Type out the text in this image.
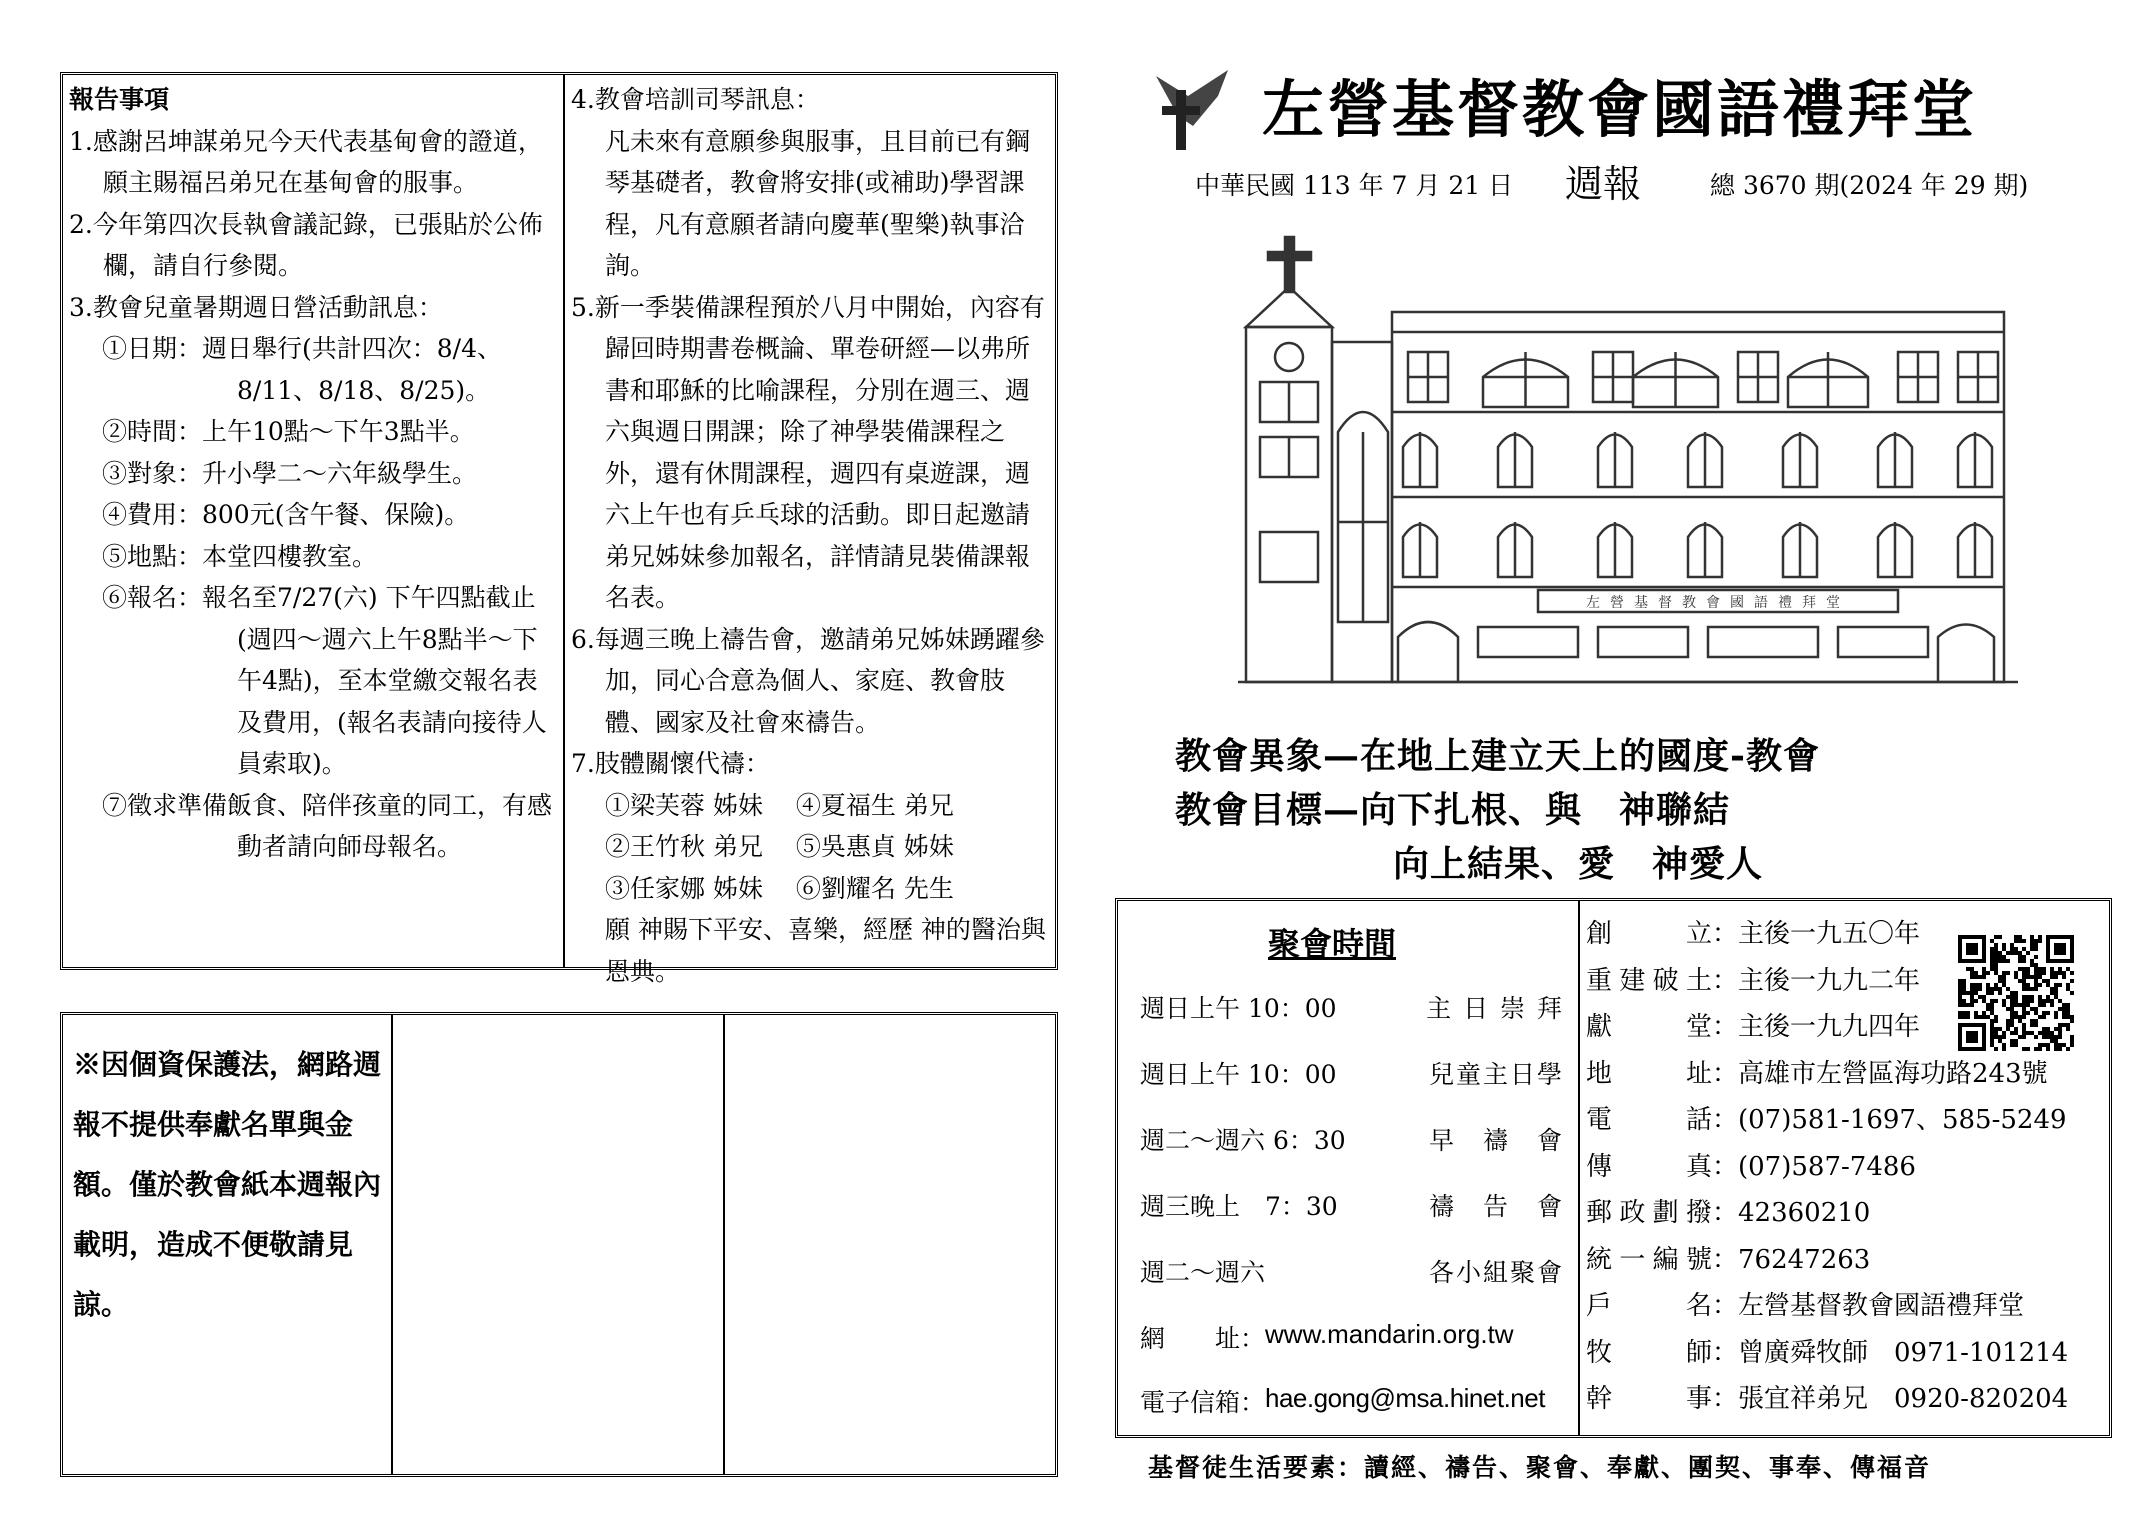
報告事項

1.感謝呂坤謀弟兄今天代表基甸會的證道，願主賜福呂弟兄在基甸會的服事。

2.今年第四次長執會議記錄，已張貼於公佈欄，請自行參閱。

3.教會兒童暑期週日營活動訊息：

①日期：週日舉行(共計四次：8/4、8/11、8/18、8/25)。

②時間：上午10點～下午3點半。

③對象：升小學二～六年級學生。

④費用：800元(含午餐、保險)。

⑤地點：本堂四樓教室。

⑥報名：報名至7/27(六) 下午四點截止(週四～週六上午8點半～下午4點)，至本堂繳交報名表及費用，(報名表請向接待人員索取)。

⑦徵求準備飯食、陪伴孩童的同工，有感動者請向師母報名。

4.教會培訓司琴訊息：

凡未來有意願參與服事，且目前已有鋼琴基礎者，教會將安排(或補助)學習課程，凡有意願者請向慶華(聖樂)執事洽詢。

5.新一季裝備課程預於八月中開始，內容有歸回時期書卷概論、單卷研經—以弗所書和耶穌的比喻課程，分別在週三、週六與週日開課；除了神學裝備課程之外，還有休閒課程，週四有桌遊課，週六上午也有乒乓球的活動。即日起邀請弟兄姊妹參加報名，詳情請見裝備課報名表。

6.每週三晚上禱告會，邀請弟兄姊妹踴躍參加，同心合意為個人、家庭、教會肢體、國家及社會來禱告。

7.肢體關懷代禱：

①梁芙蓉 姊妹　 ④夏福生 弟兄

②王竹秋 弟兄　 ⑤吳惠貞 姊妹

③任家娜 姊妹　 ⑥劉耀名 先生

願 神賜下平安、喜樂，經歷 神的醫治與恩典。

※因個資保護法，網路週報不提供奉獻名單與金額。僅於教會紙本週報內載明，造成不便敬請見諒。
左營基督教會國語禮拜堂
中華民國 113 年 7 月 21 日 週報	總 3670 期(2024 年 29 期)
左營基督教會國語禮拜堂
教會異象—在地上建立天上的國度-教會
教會目標—向下扎根、與　神聯結
向上結果、愛　神愛人
聚會時間
週日上午 10：00	主 日 崇 拜
週日上午 10：00	兒童主日學
週二～週六 6：30	早　禱　會
週三晚上　7：30	禱　告　會
週二～週六	各小組聚會
網　　址： www.mandarin.org.tw
電子信箱： hae.gong@msa.hinet.net
創立：主後一九五〇年
重建破土：主後一九九二年
獻堂：主後一九九四年
地址：高雄市左營區海功路243號
電話：(07)581-1697、585-5249
傳真：(07)587-7486
郵政劃撥：42360210
統一編號：76247263
戶名：左營基督教會國語禮拜堂
牧師：曾廣舜牧師　0971-101214
幹事：張宜祥弟兄　0920-820204
基督徒生活要素：讀經、禱告、聚會、奉獻、團契、事奉、傳福音
